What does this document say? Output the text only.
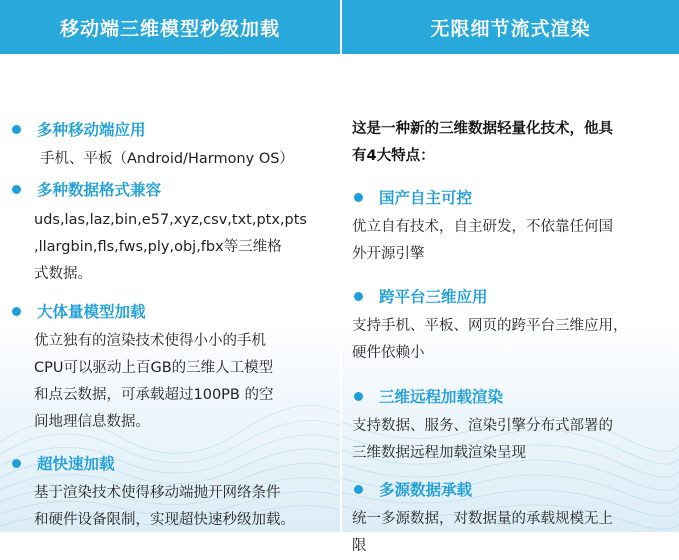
移动端三维模型秒级加载
多种移动端应用
手机、平板（Android/Harmony OS）
多种数据格式兼容
uds,las,laz,bin,e57,xyz,csv,txt,ptx,pts
,llargbin,fls,fws,ply,obj,fbx等三维格
式数据。
大体量模型加载
优立独有的渲染技术使得小小的手机
CPU可以驱动上百GB的三维人工模型
和点云数据，可承载超过100PB 的空
间地理信息数据。
超快速加载
基于渲染技术使得移动端抛开网络条件
和硬件设备限制，实现超快速秒级加载。
无限细节流式渲染
这是一种新的三维数据轻量化技术，他具
有4大特点：
国产自主可控
优立自有技术，自主研发，不依靠任何国
外开源引擎
跨平台三维应用
支持手机、平板、网页的跨平台三维应用，
硬件依赖小
三维远程加载渲染
支持数据、服务、渲染引擎分布式部署的
三维数据远程加载渲染呈现
多源数据承载
统一多源数据，对数据量的承载规模无上
限
